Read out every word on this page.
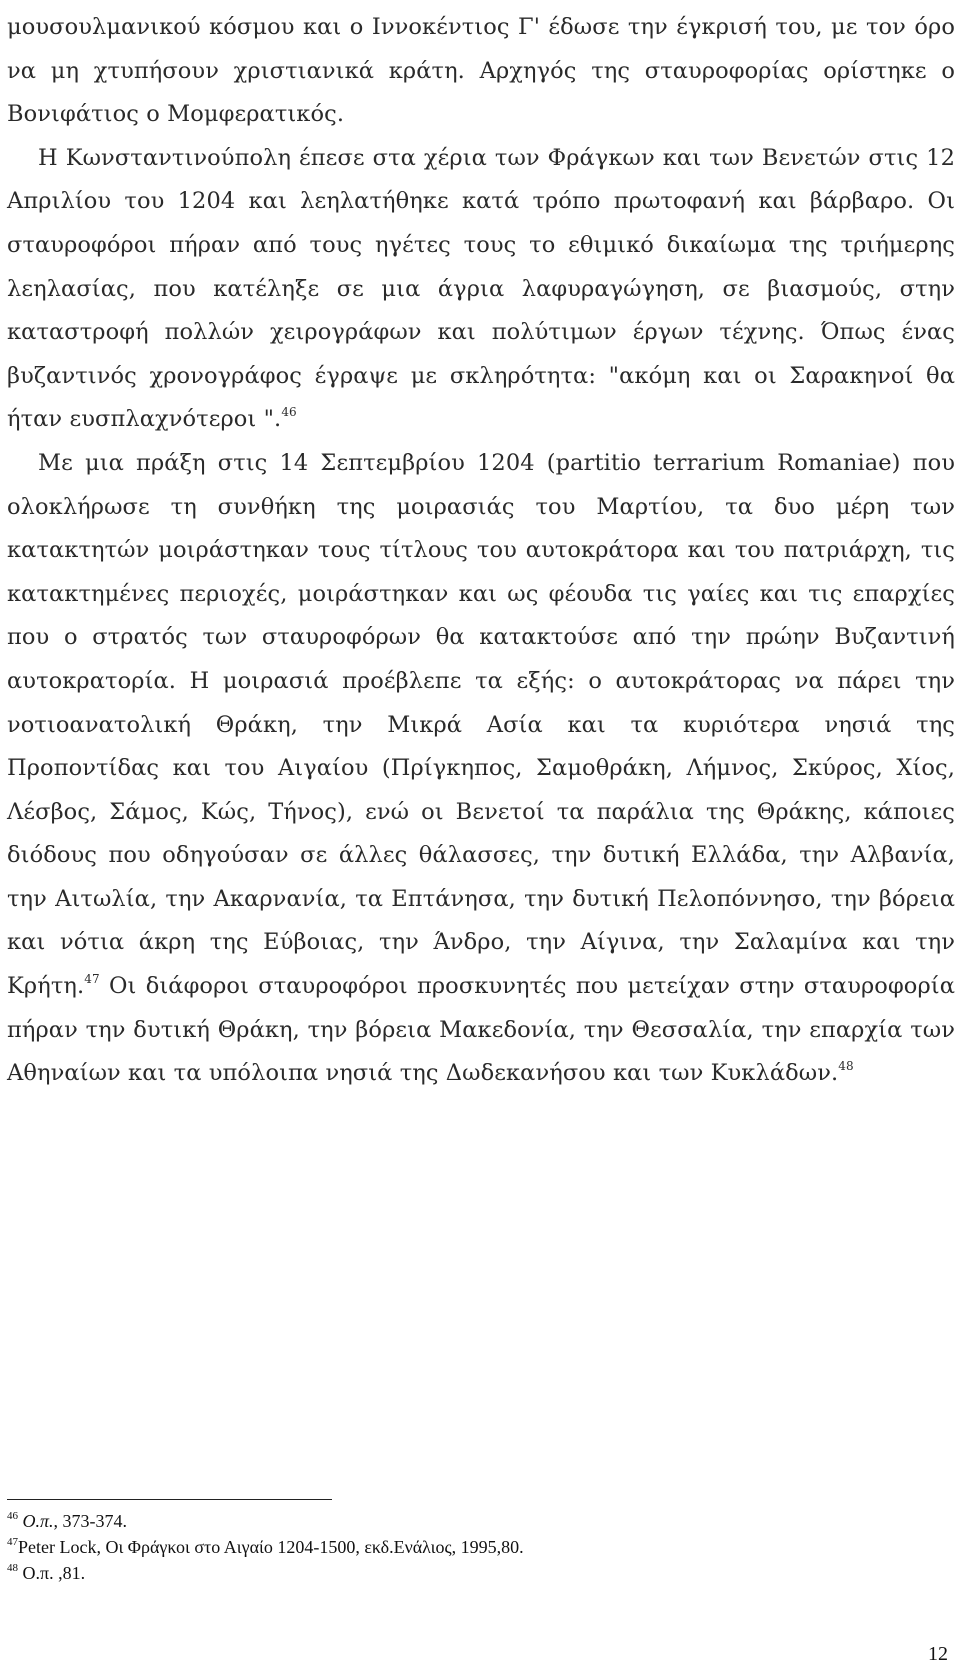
μουσουλμανικού κόσμου και ο Ιννοκέντιος Γ' έδωσε την έγκρισή του, με τον όρο να μη χτυπήσουν χριστιανικά κράτη. Αρχηγός της σταυροφορίας ορίστηκε ο Βονιφάτιος ο Μομφερατικός.

Η Κωνσταντινούπολη έπεσε στα χέρια των Φράγκων και των Βενετών στις 12 Απριλίου του 1204 και λεηλατήθηκε κατά τρόπο πρωτοφανή και βάρβαρο. Οι σταυροφόροι πήραν από τους ηγέτες τους το εθιμικό δικαίωμα της τριήμερης λεηλασίας, που κατέληξε σε μια άγρια λαφυραγώγηση, σε βιασμούς, στην καταστροφή πολλών χειρογράφων και πολύτιμων έργων τέχνης. Όπως ένας βυζαντινός χρονογράφος έγραψε με σκληρότητα: "ακόμη και οι Σαρακηνοί θα ήταν ευσπλαχνότεροι ".$^{46}$

Με μια πράξη στις 14 Σεπτεμβρίου 1204 (partitio terrarium Romaniae) που ολοκλήρωσε τη συνθήκη της μοιρασιάς του Μαρτίου, τα δυο μέρη των κατακτητών μοιράστηκαν τους τίτλους του αυτοκράτορα και του πατριάρχη, τις κατακτημένες περιοχές, μοιράστηκαν και ως φέουδα τις γαίες και τις επαρχίες που ο στρατός των σταυροφόρων θα κατακτούσε από την πρώην Βυζαντινή αυτοκρατορία. Η μοιρασιά προέβλεπε τα εξής: ο αυτοκράτορας να πάρει την νοτιοανατολική Θράκη, την Μικρά Ασία και τα κυριότερα νησιά της Προποντίδας και του Αιγαίου (Πρίγκηπος, Σαμοθράκη, Λήμνος, Σκύρος, Χίος, Λέσβος, Σάμος, Κώς, Τήνος), ενώ οι Βενετοί τα παράλια της Θράκης, κάποιες διόδους που οδηγούσαν σε άλλες θάλασσες, την δυτική Ελλάδα, την Αλβανία, την Αιτωλία, την Ακαρνανία, τα Επτάνησα, την δυτική Πελοπόννησο, την βόρεια και νότια άκρη της Εύβοιας, την Άνδρο, την Αίγινα, την Σαλαμίνα και την Κρήτη.$^{47}$ Οι διάφοροι σταυροφόροι προσκυνητές που μετείχαν στην σταυροφορία πήραν την δυτική Θράκη, την βόρεια Μακεδονία, την Θεσσαλία, την επαρχία των Αθηναίων και τα υπόλοιπα νησιά της Δωδεκανήσου και των Κυκλάδων.$^{48}$

$^{46}$ Ο.π., 373-374.
$^{47}$Peter Lock, Οι Φράγκοι στο Αιγαίο 1204-1500, εκδ.Ενάλιος, 1995,80.
$^{48}$ Ο.π. ,81.
12
